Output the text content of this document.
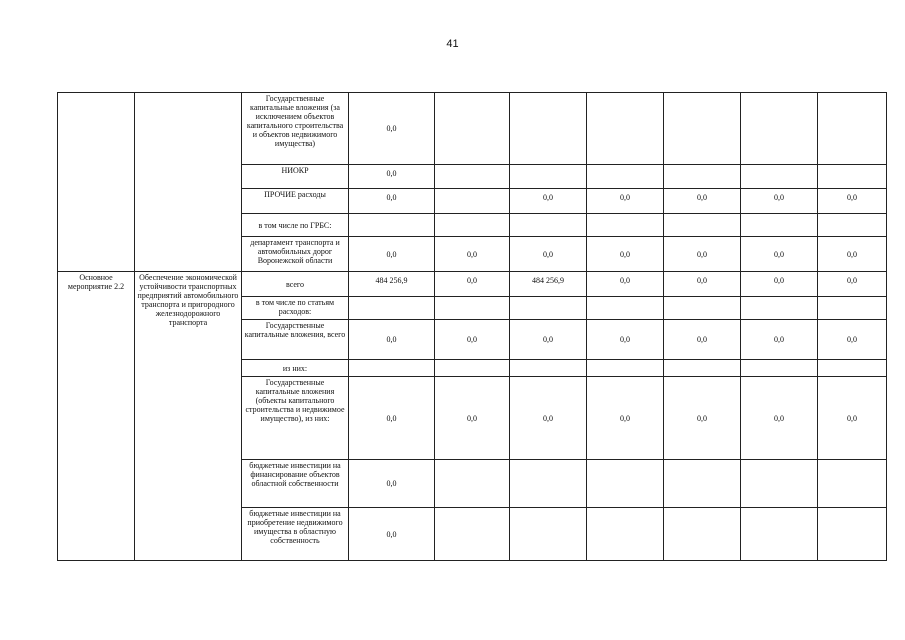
41
		Государственные капитальные вложения (за исключением объектов капитального строительства и объектов недвижимого имущества)	0,0						
		НИОКР	0,0						
		ПРОЧИЕ расходы	0,0		0,0	0,0	0,0	0,0	0,0
		в том числе по ГРБС:							
		департамент транспорта и автомобильных дорог Воронежской области	0,0	0,0	0,0	0,0	0,0	0,0	0,0
Основное мероприятие 2.2	Обеспечение экономической устойчивости транспортных предприятий автомобильного транспорта и пригородного железнодорожного транспорта	всего	484 256,9	0,0	484 256,9	0,0	0,0	0,0	0,0
		в том числе по статьям расходов:							
		Государственные капитальные вложения, всего	0,0	0,0	0,0	0,0	0,0	0,0	0,0
		из них:							
		Государственные капитальные вложения (объекты капитального строительства и недвижимое имущество), из них:	0,0	0,0	0,0	0,0	0,0	0,0	0,0
		бюджетные инвестиции на финансирование объектов областной собственности	0,0						
		бюджетные инвестиции на приобретение недвижимого имущества в областную собственность	0,0						
